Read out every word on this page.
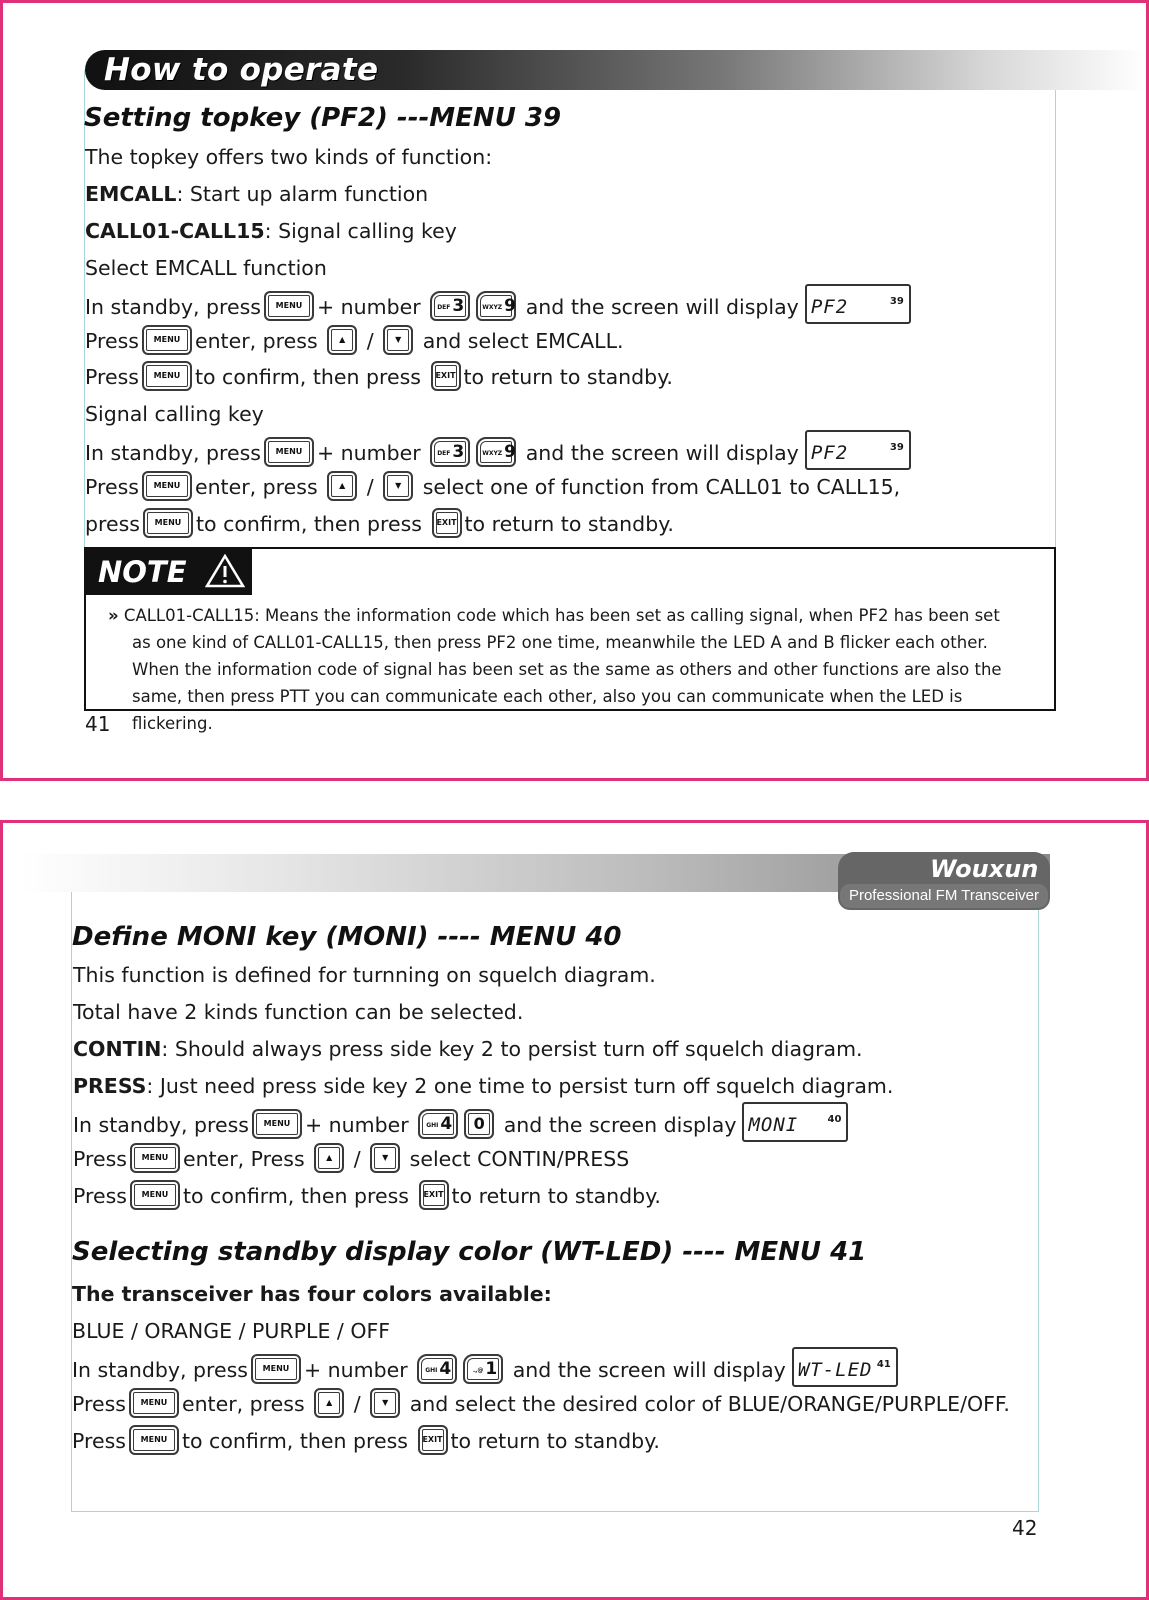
How to operate
Setting topkey (PF2) ---MENU 39
The topkey offers two kinds of function:
EMCALL: Start up alarm function
CALL01-CALL15: Signal calling key
Select EMCALL function
In standby, press MENU + number	DEF 3	WXYZ 9 and the screen will display PF2	39
Press MENU enter, press	▲ /	▼ and select EMCALL.
Press MENU to confirm, then press EXIT to return to standby.
Signal calling key
In standby, press MENU + number	DEF 3	WXYZ 9 and the screen will display PF2	39
Press MENU enter, press	▲ /	▼ select one of function from CALL01 to CALL15,
press MENU to confirm, then press EXIT to return to standby.
NOTE
» CALL01-CALL15: Means the information code which has been set as calling signal, when PF2 has been set
as one kind of CALL01-CALL15, then press PF2 one time, meanwhile the LED A and B flicker each other.
When the information code of signal has been set as the same as others and other functions are also the
same, then press PTT you can communicate each other, also you can communicate when the LED is flickering.
41
Wouxun
Professional FM Transceiver
Define MONI key (MONI) ---- MENU 40
This function is defined for turnning on squelch diagram.
Total have 2 kinds function can be selected.
CONTIN: Should always press side key 2 to persist turn off squelch diagram.
PRESS: Just need press side key 2 one time to persist turn off squelch diagram.
In standby, press MENU + number	GHI 4 0 and the screen display MONI	40
Press MENU enter, Press	▲ /	▼ select CONTIN/PRESS
Press MENU to confirm, then press EXIT to return to standby.
Selecting standby display color (WT-LED) ---- MENU 41
The transceiver has four colors available:
BLUE / ORANGE / PURPLE / OFF
In standby, press MENU + number	GHI 4	.,@ 1 and the screen will display WT-LED 41
Press MENU enter, press	▲ /	▼ and select the desired color of BLUE/ORANGE/PURPLE/OFF.
Press MENU to confirm, then press EXIT to return to standby.
42
